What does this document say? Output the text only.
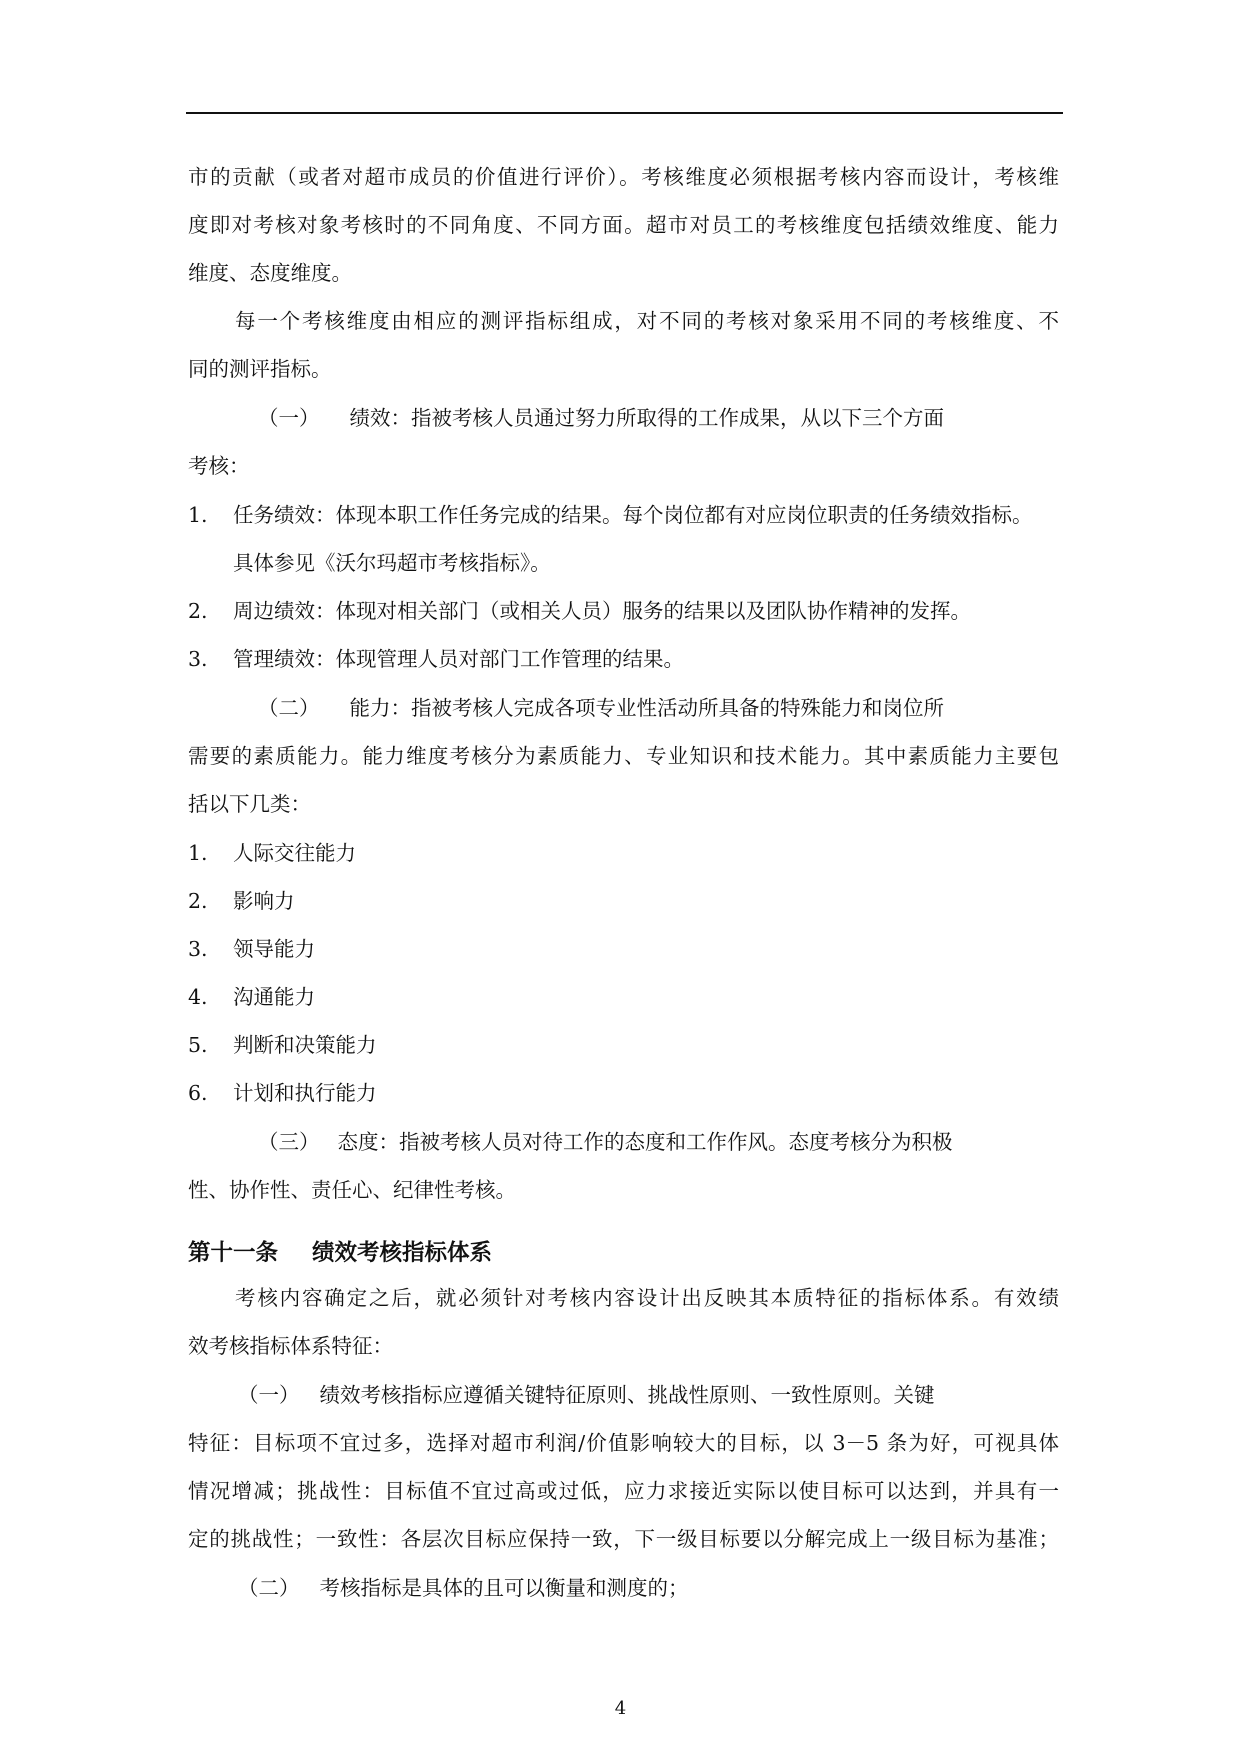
市的贡献（或者对超市成员的价值进行评价）。考核维度必须根据考核内容而设计，考核维

度即对考核对象考核时的不同角度、不同方面。超市对员工的考核维度包括绩效维度、能力

维度、态度维度。

每一个考核维度由相应的测评指标组成，对不同的考核对象采用不同的考核维度、不

同的测评指标。

（一） 绩效：指被考核人员通过努力所取得的工作成果，从以下三个方面

考核：

1. 任务绩效：体现本职工作任务完成的结果。每个岗位都有对应岗位职责的任务绩效指标。

具体参见《沃尔玛超市考核指标》。

2. 周边绩效：体现对相关部门（或相关人员）服务的结果以及团队协作精神的发挥。

3. 管理绩效：体现管理人员对部门工作管理的结果。

（二） 能力：指被考核人完成各项专业性活动所具备的特殊能力和岗位所

需要的素质能力。能力维度考核分为素质能力、专业知识和技术能力。其中素质能力主要包

括以下几类：

1. 人际交往能力

2. 影响力

3. 领导能力

4. 沟通能力

5. 判断和决策能力

6. 计划和执行能力

（三） 态度：指被考核人员对待工作的态度和工作作风。态度考核分为积极

性、协作性、责任心、纪律性考核。

第十一条 绩效考核指标体系

考核内容确定之后，就必须针对考核内容设计出反映其本质特征的指标体系。有效绩

效考核指标体系特征：

（一） 绩效考核指标应遵循关键特征原则、挑战性原则、一致性原则。关键

特征：目标项不宜过多，选择对超市利润/价值影响较大的目标，以 3－5 条为好，可视具体

情况增减；挑战性：目标值不宜过高或过低，应力求接近实际以使目标可以达到，并具有一

定的挑战性；一致性：各层次目标应保持一致，下一级目标要以分解完成上一级目标为基准；

（二） 考核指标是具体的且可以衡量和测度的；

4
